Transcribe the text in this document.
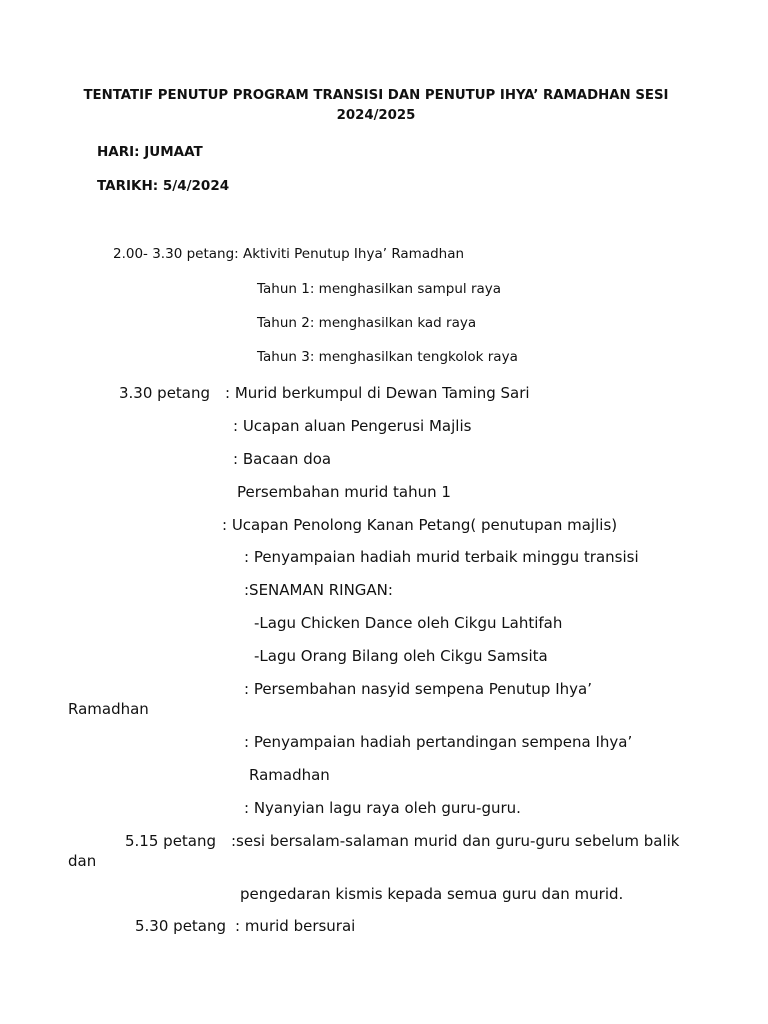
TENTATIF PENUTUP PROGRAM TRANSISI DAN PENUTUP IHYA’ RAMADHAN SESI

2024/2025

HARI: JUMAAT

TARIKH: 5/4/2024

2.00- 3.30 petang: Aktiviti Penutup Ihya’ Ramadhan

Tahun 1: menghasilkan sampul raya

Tahun 2: menghasilkan kad raya

Tahun 3: menghasilkan tengkolok raya

3.30 petang : Murid berkumpul di Dewan Taming Sari

: Ucapan aluan Pengerusi Majlis

: Bacaan doa

Persembahan murid tahun 1

: Ucapan Penolong Kanan Petang( penutupan majlis)

: Penyampaian hadiah murid terbaik minggu transisi

:SENAMAN RINGAN:

-Lagu Chicken Dance oleh Cikgu Lahtifah

-Lagu Orang Bilang oleh Cikgu Samsita

: Persembahan nasyid sempena Penutup Ihya’

Ramadhan

: Penyampaian hadiah pertandingan sempena Ihya’

Ramadhan

: Nyanyian lagu raya oleh guru-guru.

5.15 petang :sesi bersalam-salaman murid dan guru-guru sebelum balik

dan

pengedaran kismis kepada semua guru dan murid.

5.30 petang : murid bersurai
